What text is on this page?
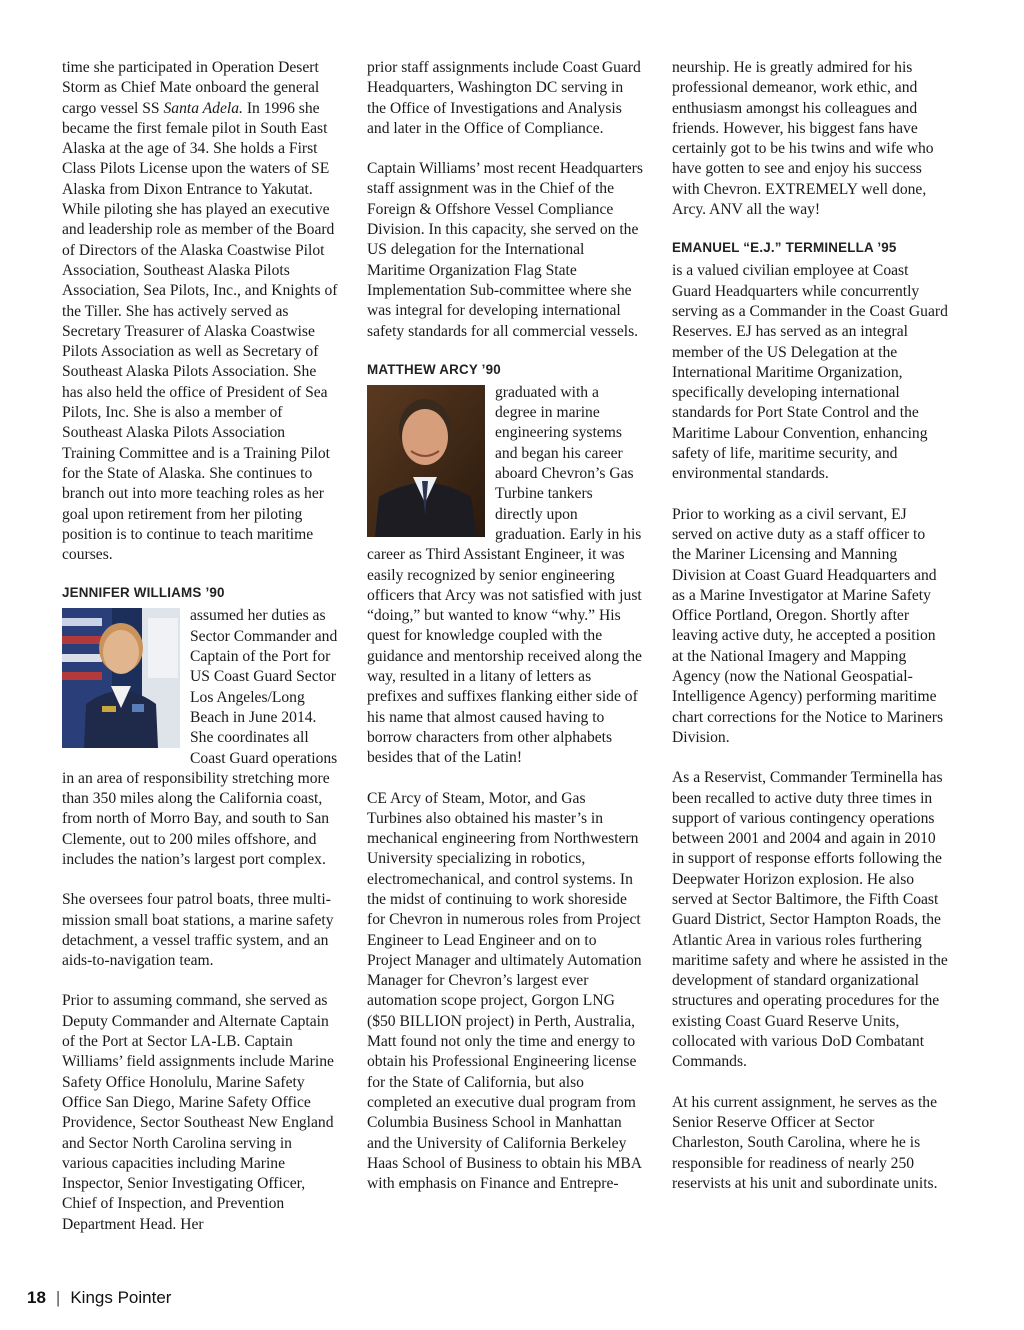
time she participated in Operation Desert Storm as Chief Mate onboard the general cargo vessel SS Santa Adela. In 1996 she became the first female pilot in South East Alaska at the age of 34. She holds a First Class Pilots License upon the waters of SE Alaska from Dixon Entrance to Yakutat. While piloting she has played an executive and leadership role as member of the Board of Directors of the Alaska Coastwise Pilot Association, Southeast Alaska Pilots Association, Sea Pilots, Inc., and Knights of the Tiller. She has actively served as Secretary Treasurer of Alaska Coastwise Pilots Association as well as Secretary of Southeast Alaska Pilots Association. She has also held the office of President of Sea Pilots, Inc. She is also a member of Southeast Alaska Pilots Association Training Committee and is a Training Pilot for the State of Alaska. She continues to branch out into more teaching roles as her goal upon retirement from her piloting position is to continue to teach maritime courses.

JENNIFER WILLIAMS ’90

assumed her duties as Sector Commander and Captain of the Port for US Coast Guard Sector Los Angeles/Long Beach in June 2014. She coordinates all Coast Guard operations in an area of responsibility stretching more than 350 miles along the California coast, from north of Morro Bay, and south to San Clemente, out to 200 miles offshore, and includes the nation’s largest port complex.

She oversees four patrol boats, three multi-mission small boat stations, a marine safety detachment, a vessel traffic system, and an aids-to-navigation team.

Prior to assuming command, she served as Deputy Commander and Alternate Captain of the Port at Sector LA-LB. Captain Williams’ field assignments include Marine Safety Office Honolulu, Marine Safety Office San Diego, Marine Safety Office Providence, Sector Southeast New England and Sector North Carolina serving in various capacities including Marine Inspector, Senior Investigating Officer, Chief of Inspection, and Prevention Department Head. Her

prior staff assignments include Coast Guard Headquarters, Washington DC serving in the Office of Investigations and Analysis and later in the Office of Compliance.

Captain Williams’ most recent Headquarters staff assignment was in the Chief of the Foreign & Offshore Vessel Compliance Division. In this capacity, she served on the US delegation for the International Maritime Organization Flag State Implementation Sub-committee where she was integral for developing international safety standards for all commercial vessels.

MATTHEW ARCY ’90

graduated with a degree in marine engineering systems and began his career aboard Chevron’s Gas Turbine tankers directly upon graduation. Early in his career as Third Assistant Engineer, it was easily recognized by senior engineering officers that Arcy was not satisfied with just “doing,” but wanted to know “why.” His quest for knowledge coupled with the guidance and mentorship received along the way, resulted in a litany of letters as prefixes and suffixes flanking either side of his name that almost caused having to borrow characters from other alphabets besides that of the Latin!

CE Arcy of Steam, Motor, and Gas Turbines also obtained his master’s in mechanical engineering from Northwestern University specializing in robotics, electromechanical, and control systems. In the midst of continuing to work shoreside for Chevron in numerous roles from Project Engineer to Lead Engineer and on to Project Manager and ultimately Automation Manager for Chevron’s largest ever automation scope project, Gorgon LNG ($50 BILLION project) in Perth, Australia, Matt found not only the time and energy to obtain his Professional Engineering license for the State of California, but also completed an executive dual program from Columbia Business School in Manhattan and the University of California Berkeley Haas School of Business to obtain his MBA with emphasis on Finance and Entrepre-

neurship. He is greatly admired for his professional demeanor, work ethic, and enthusiasm amongst his colleagues and friends. However, his biggest fans have certainly got to be his twins and wife who have gotten to see and enjoy his success with Chevron. EXTREMELY well done, Arcy. ANV all the way!

EMANUEL “E.J.” TERMINELLA ’95

is a valued civilian employee at Coast Guard Headquarters while concurrently serving as a Commander in the Coast Guard Reserves. EJ has served as an integral member of the US Delegation at the International Maritime Organization, specifically developing international standards for Port State Control and the Maritime Labour Convention, enhancing safety of life, maritime security, and environmental standards.

Prior to working as a civil servant, EJ served on active duty as a staff officer to the Mariner Licensing and Manning Division at Coast Guard Headquarters and as a Marine Investigator at Marine Safety Office Portland, Oregon. Shortly after leaving active duty, he accepted a position at the National Imagery and Mapping Agency (now the National Geospatial-Intelligence Agency) performing maritime chart corrections for the Notice to Mariners Division.

As a Reservist, Commander Terminella has been recalled to active duty three times in support of various contingency operations between 2001 and 2004 and again in 2010 in support of response efforts following the Deepwater Horizon explosion. He also served at Sector Baltimore, the Fifth Coast Guard District, Sector Hampton Roads, the Atlantic Area in various roles furthering maritime safety and where he assisted in the development of standard organizational structures and operating procedures for the existing Coast Guard Reserve Units, collocated with various DoD Combatant Commands.

At his current assignment, he serves as the Senior Reserve Officer at Sector Charleston, South Carolina, where he is responsible for readiness of nearly 250 reservists at his unit and subordinate units.

18 | Kings Pointer
